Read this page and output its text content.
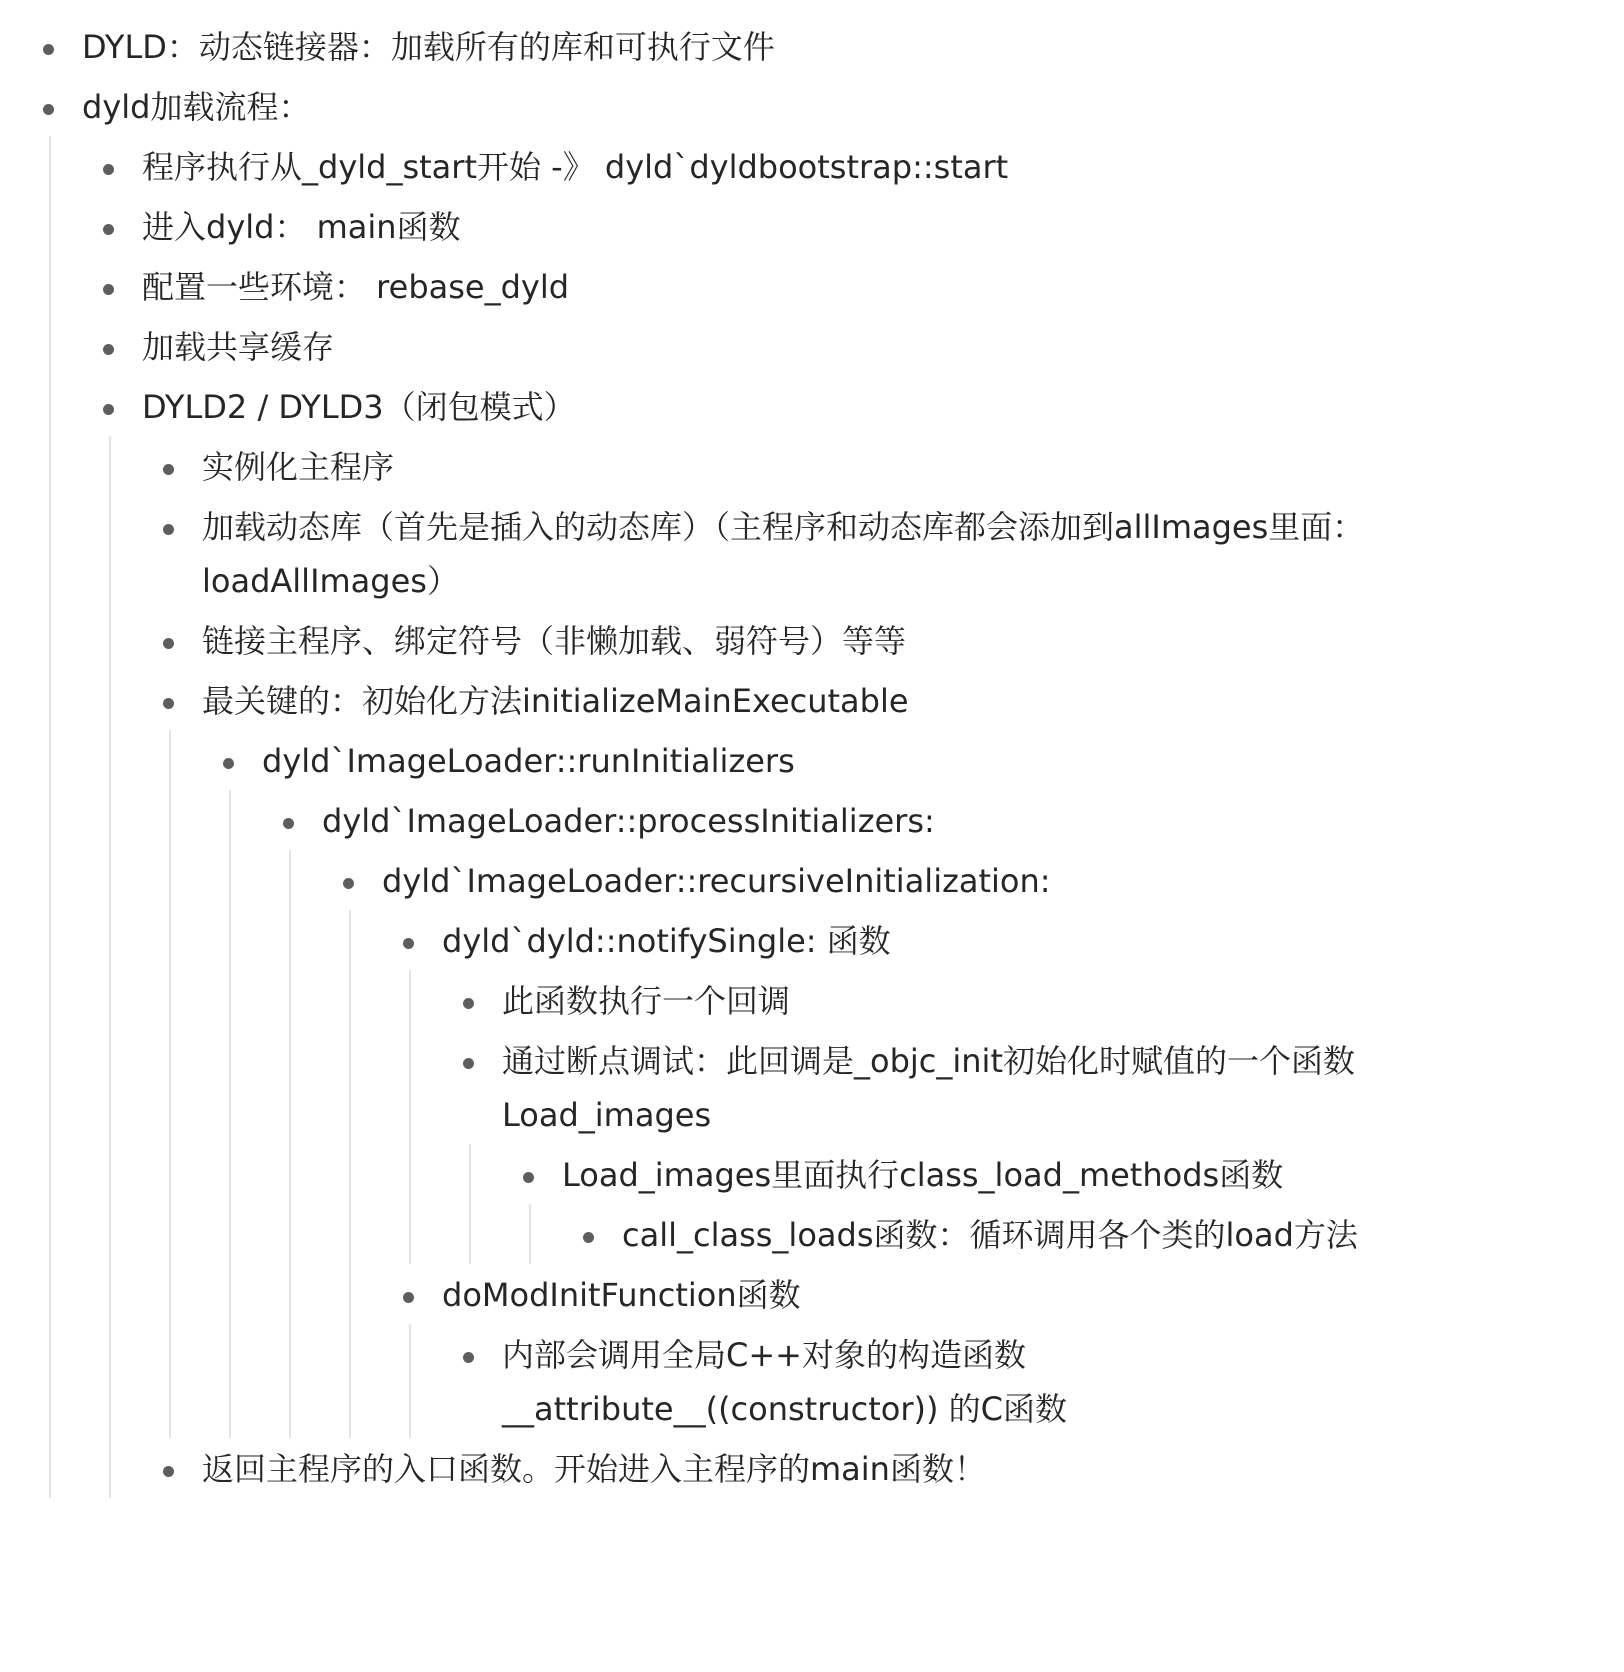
DYLD：动态链接器：加载所有的库和可执行文件
dyld加载流程：
程序执行从_dyld_start开始 -》 dyld`dyldbootstrap::start
进入dyld： main函数
配置一些环境： rebase_dyld
加载共享缓存
DYLD2 / DYLD3（闭包模式）
实例化主程序
加载动态库（首先是插入的动态库）（主程序和动态库都会添加到allImages里面：loadAllImages）
链接主程序、绑定符号（非懒加载、弱符号）等等
最关键的：初始化方法initializeMainExecutable
dyld`ImageLoader::runInitializers
dyld`ImageLoader::processInitializers:
dyld`ImageLoader::recursiveInitialization:
dyld`dyld::notifySingle: 函数
此函数执行一个回调
通过断点调试：此回调是_objc_init初始化时赋值的一个函数 Load_images
Load_images里面执行class_load_methods函数
call_class_loads函数：循环调用各个类的load方法
doModInitFunction函数
内部会调用全局C++对象的构造函数 __attribute__((constructor)) 的C函数
返回主程序的入口函数。开始进入主程序的main函数！
